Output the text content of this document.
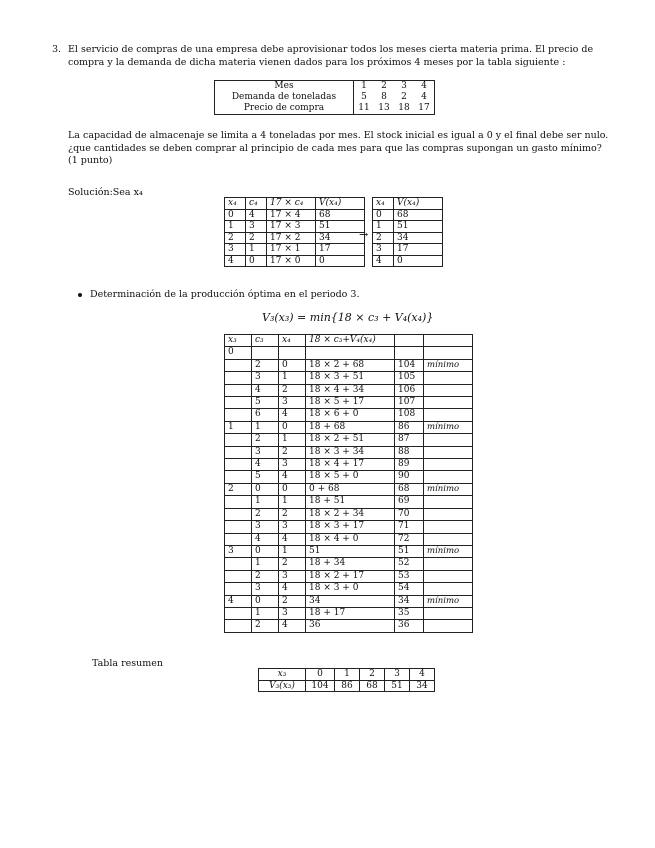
3. El servicio de compras de una empresa debe aprovisionar todos los meses cierta materia prima. El precio de
compra y la demanda de dicha materia vienen dados para los próximos 4 meses por la tabla siguiente :
Mes	1	2	3	4
Demanda de toneladas	5	8	2	4
Precio de compra	11	13	18	17
La capacidad de almacenaje se limita a 4 toneladas por mes. El stock inicial es igual a 0 y el final debe ser nulo.
¿que cantidades se deben comprar al principio de cada mes para que las compras supongan un gasto mínimo?
(1 punto)
Solución:Sea x₄
x₄	c₄	17 × c₄	V(x₄)
0	4	17 × 4	68
1	3	17 × 3	51
2	2	17 × 2	34
3	1	17 × 1	17
4	0	17 × 0	0
→
x₄	V(x₄)
0	68
1	51
2	34
3	17
4	0
Determinación de la producción óptima en el periodo 3.
V₃(x₃) = min{18 × c₃ + V₄(x₄)}
x₃	c₃	x₄	18 × c₃+V₄(x₄)		
0					
	2	0	18 × 2 + 68	104	mínimo
	3	1	18 × 3 + 51	105	
	4	2	18 × 4 + 34	106	
	5	3	18 × 5 + 17	107	
	6	4	18 × 6 + 0	108	
1	1	0	18 + 68	86	mínimo
	2	1	18 × 2 + 51	87	
	3	2	18 × 3 + 34	88	
	4	3	18 × 4 + 17	89	
	5	4	18 × 5 + 0	90	
2	0	0	0 + 68	68	mínimo
	1	1	18 + 51	69	
	2	2	18 × 2 + 34	70	
	3	3	18 × 3 + 17	71	
	4	4	18 × 4 + 0	72	
3	0	1	51	51	mínimo
	1	2	18 + 34	52	
	2	3	18 × 2 + 17	53	
	3	4	18 × 3 + 0	54	
4	0	2	34	34	mínimo
	1	3	18 + 17	35	
	2	4	36	36	
Tabla resumen
x₃	0	1	2	3	4
V₃(x₃)	104	86	68	51	34
